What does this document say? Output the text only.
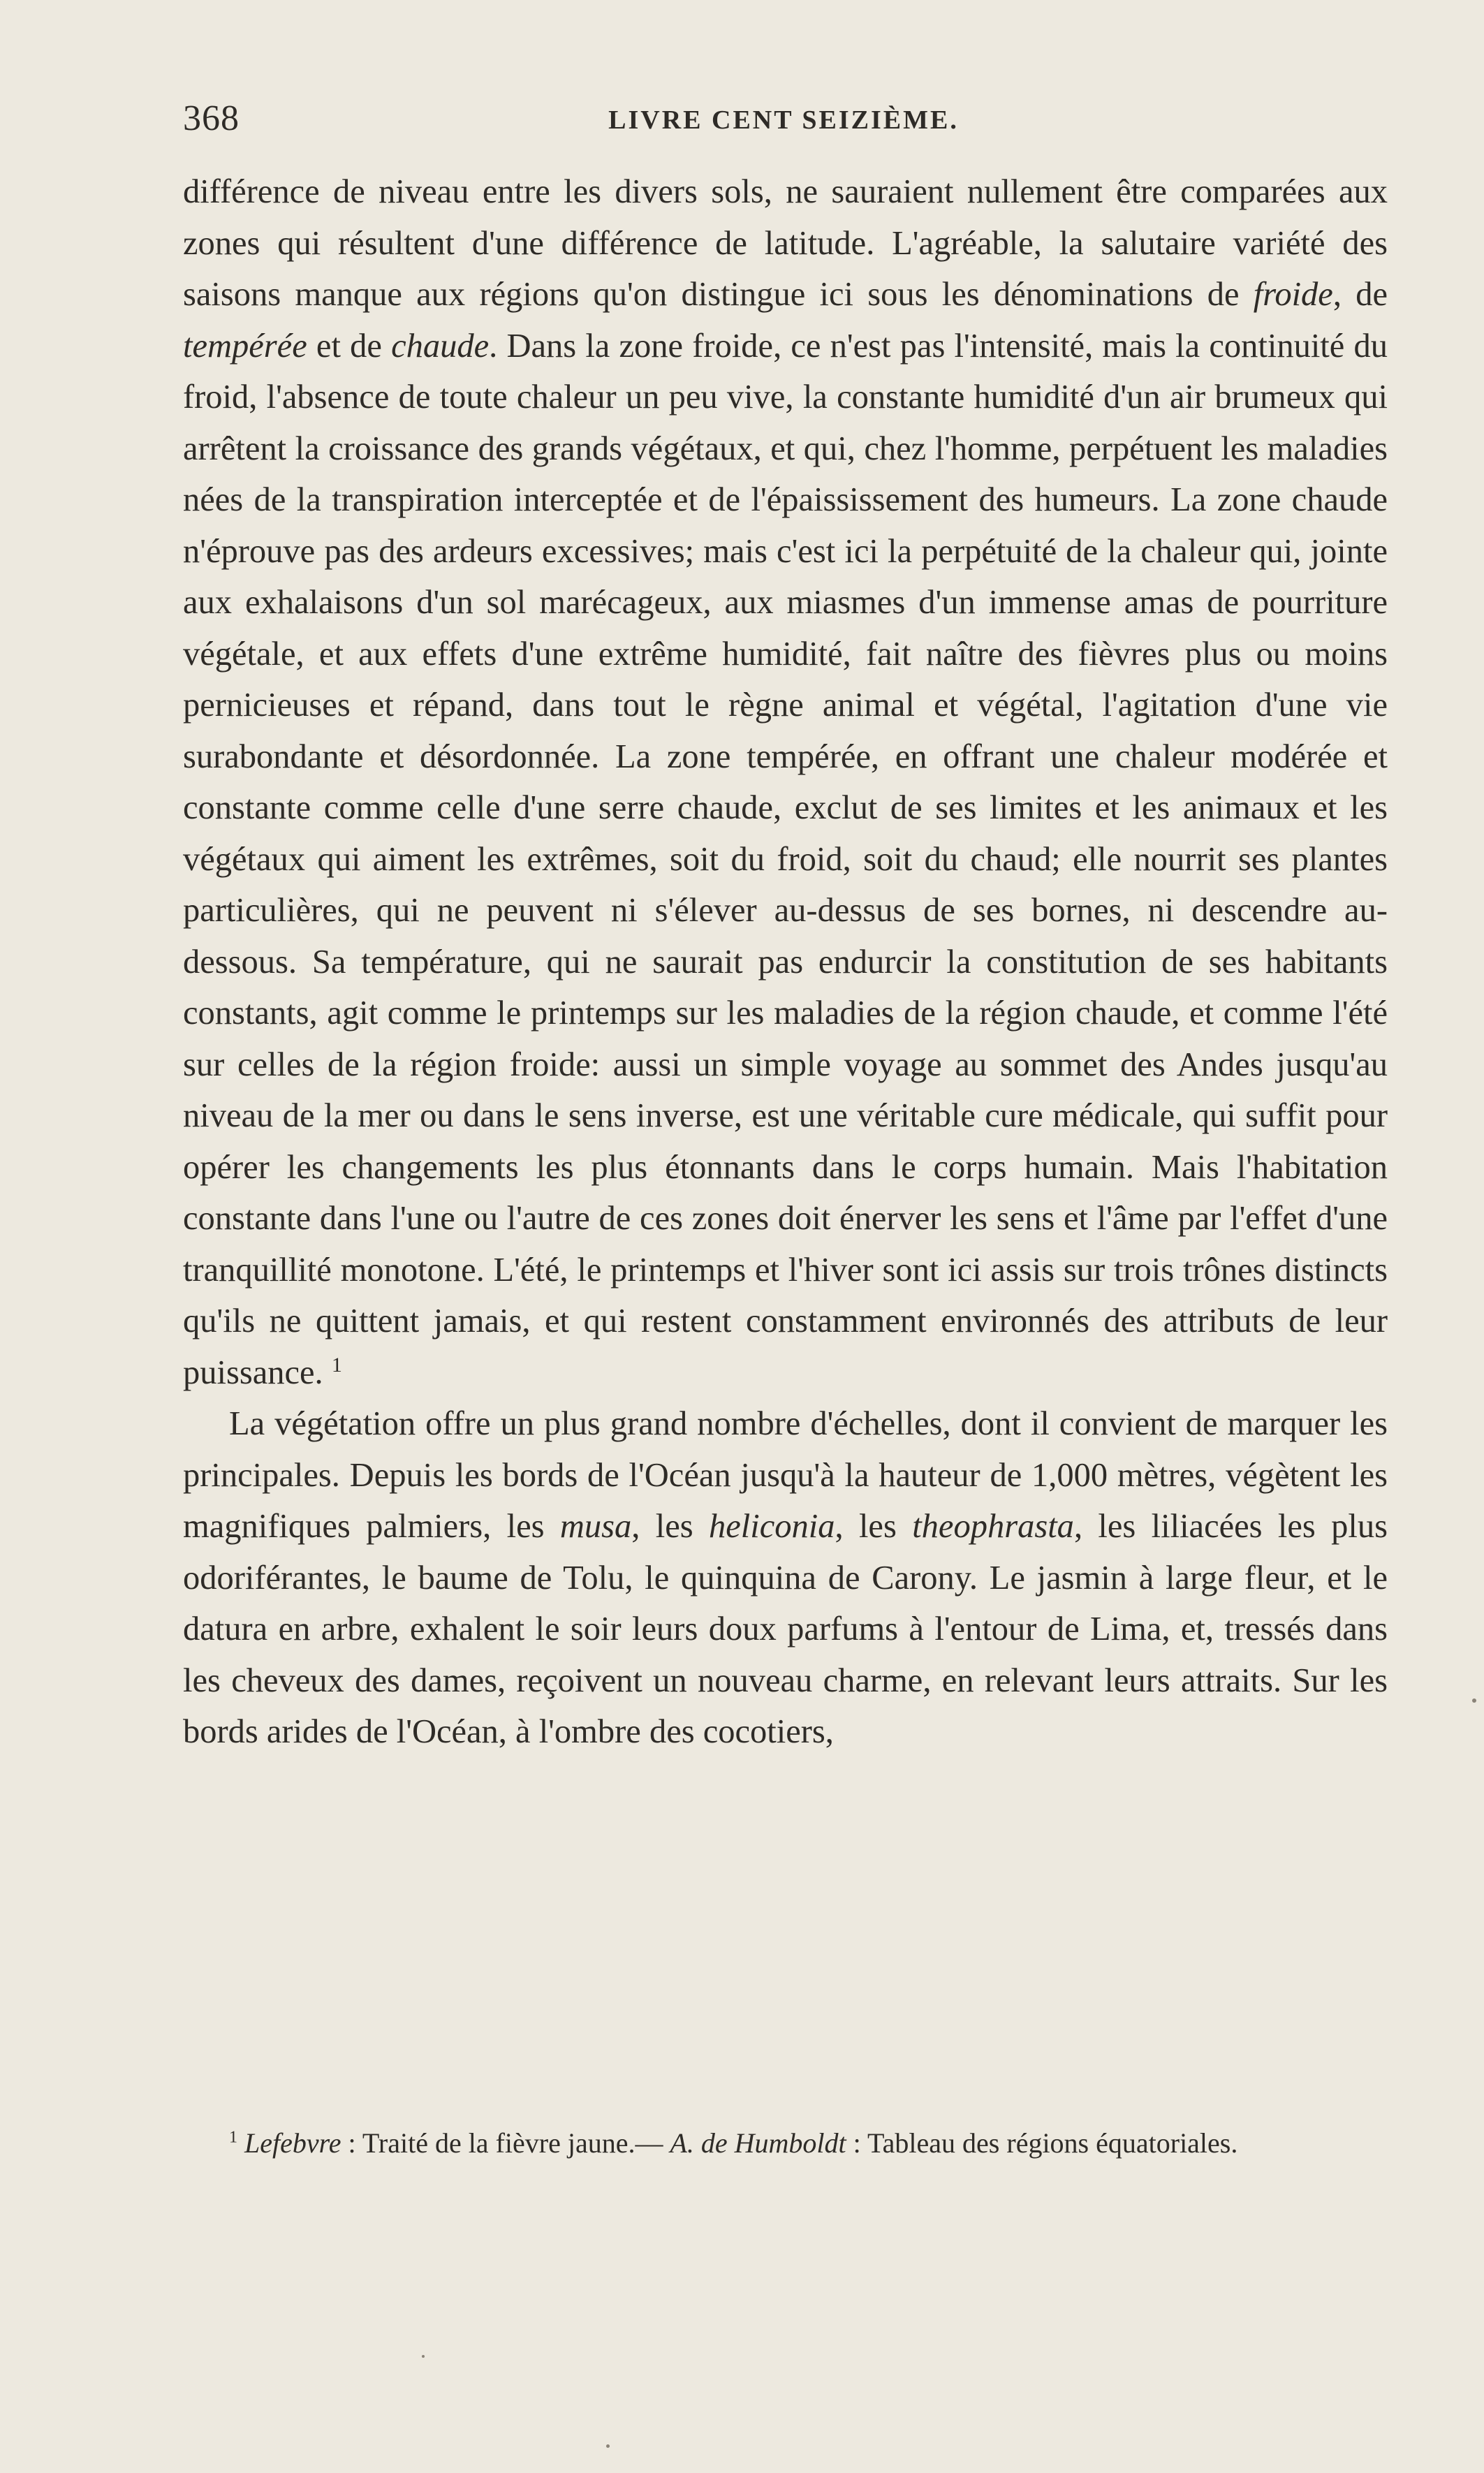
368	LIVRE CENT SEIZIÈME.

différence de niveau entre les divers sols, ne sauraient nullement être comparées aux zones qui résultent d'une différence de latitude. L'agréable, la salutaire variété des saisons manque aux régions qu'on distingue ici sous les dénominations de froide, de tempérée et de chaude. Dans la zone froide, ce n'est pas l'intensité, mais la continuité du froid, l'absence de toute chaleur un peu vive, la constante humidité d'un air brumeux qui arrêtent la croissance des grands végétaux, et qui, chez l'homme, perpétuent les maladies nées de la transpiration interceptée et de l'épaississement des humeurs. La zone chaude n'éprouve pas des ardeurs excessives; mais c'est ici la perpétuité de la chaleur qui, jointe aux exhalaisons d'un sol marécageux, aux miasmes d'un immense amas de pourriture végétale, et aux effets d'une extrême humidité, fait naître des fièvres plus ou moins pernicieuses et répand, dans tout le règne animal et végétal, l'agitation d'une vie surabondante et désordonnée. La zone tempérée, en offrant une chaleur modérée et constante comme celle d'une serre chaude, exclut de ses limites et les animaux et les végétaux qui aiment les extrêmes, soit du froid, soit du chaud; elle nourrit ses plantes particulières, qui ne peuvent ni s'élever au-dessus de ses bornes, ni descendre au-dessous. Sa température, qui ne saurait pas endurcir la constitution de ses habitants constants, agit comme le printemps sur les maladies de la région chaude, et comme l'été sur celles de la région froide: aussi un simple voyage au sommet des Andes jusqu'au niveau de la mer ou dans le sens inverse, est une véritable cure médicale, qui suffit pour opérer les changements les plus étonnants dans le corps humain. Mais l'habitation constante dans l'une ou l'autre de ces zones doit énerver les sens et l'âme par l'effet d'une tranquillité monotone. L'été, le printemps et l'hiver sont ici assis sur trois trônes distincts qu'ils ne quittent jamais, et qui restent constamment environnés des attributs de leur puissance. $^1$

La végétation offre un plus grand nombre d'échelles, dont il convient de marquer les principales. Depuis les bords de l'Océan jusqu'à la hauteur de 1,000 mètres, végètent les magnifiques palmiers, les musa, les heliconia, les theophrasta, les liliacées les plus odoriférantes, le baume de Tolu, le quinquina de Carony. Le jasmin à large fleur, et le datura en arbre, exhalent le soir leurs doux parfums à l'entour de Lima, et, tressés dans les cheveux des dames, reçoivent un nouveau charme, en relevant leurs attraits. Sur les bords arides de l'Océan, à l'ombre des cocotiers,

$^1$ Lefebvre : Traité de la fièvre jaune.— A. de Humboldt : Tableau des régions équatoriales.
